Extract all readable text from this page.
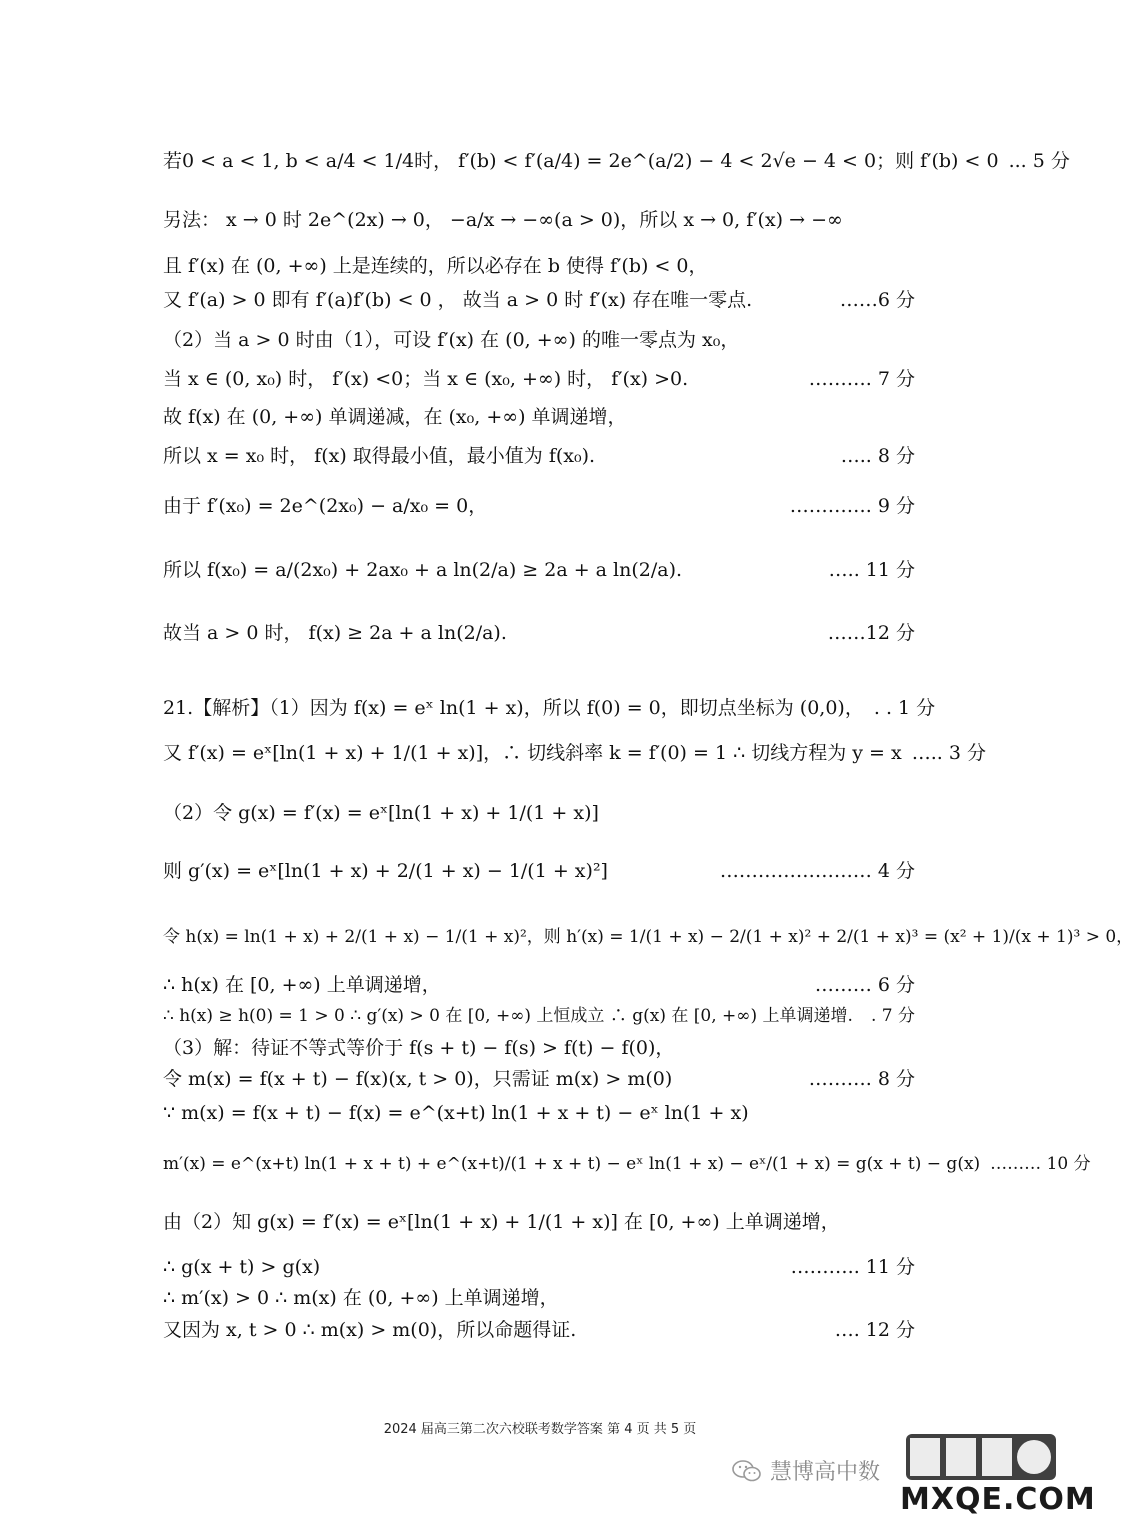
若0 < a < 1, b < a/4 < 1/4时， f′(b) < f′(a/4) = 2e^(a/2) − 4 < 2√e − 4 < 0；则 f′(b) < 0 ... 5 分
另法： x → 0 时 2e^(2x) → 0， −a/x → −∞(a > 0)，所以 x → 0, f′(x) → −∞
且 f′(x) 在 (0, +∞) 上是连续的，所以必存在 b 使得 f′(b) < 0，
又 f′(a) > 0 即有 f′(a)f′(b) < 0 ， 故当 a > 0 时 f′(x) 存在唯一零点.	……6 分
（2）当 a > 0 时由（1），可设 f′(x) 在 (0, +∞) 的唯一零点为 x₀，
当 x ∈ (0, x₀) 时， f′(x) <0；当 x ∈ (x₀, +∞) 时， f′(x) >0.	………. 7 分
故 f(x) 在 (0, +∞) 单调递减，在 (x₀, +∞) 单调递增，
所以 x = x₀ 时， f(x) 取得最小值，最小值为 f(x₀).	….. 8 分
由于 f′(x₀) = 2e^(2x₀) − a/x₀ = 0，	…………. 9 分
所以 f(x₀) = a/(2x₀) + 2ax₀ + a ln(2/a) ≥ 2a + a ln(2/a).	….. 11 分
故当 a > 0 时， f(x) ≥ 2a + a ln(2/a).	……12 分
21.【解析】（1）因为 f(x) = eˣ ln(1 + x)，所以 f(0) = 0，即切点坐标为 (0,0)， . . 1 分
又 f′(x) = eˣ[ln(1 + x) + 1/(1 + x)]，∴ 切线斜率 k = f′(0) = 1 ∴ 切线方程为 y = x ….. 3 分
（2）令 g(x) = f′(x) = eˣ[ln(1 + x) + 1/(1 + x)]
则 g′(x) = eˣ[ln(1 + x) + 2/(1 + x) − 1/(1 + x)²]	…………………… 4 分
令 h(x) = ln(1 + x) + 2/(1 + x) − 1/(1 + x)²，则 h′(x) = 1/(1 + x) − 2/(1 + x)² + 2/(1 + x)³ = (x² + 1)/(x + 1)³ > 0，
∴ h(x) 在 [0, +∞) 上单调递增，	……… 6 分
∴ h(x) ≥ h(0) = 1 > 0 ∴ g′(x) > 0 在 [0, +∞) 上恒成立 ∴ g(x) 在 [0, +∞) 上单调递增. . 7 分
（3）解：待证不等式等价于 f(s + t) − f(s) > f(t) − f(0)，
令 m(x) = f(x + t) − f(x)(x, t > 0)，只需证 m(x) > m(0)	………. 8 分
∵ m(x) = f(x + t) − f(x) = e^(x+t) ln(1 + x + t) − eˣ ln(1 + x)
m′(x) = e^(x+t) ln(1 + x + t) + e^(x+t)/(1 + x + t) − eˣ ln(1 + x) − eˣ/(1 + x) = g(x + t) − g(x) ……… 10 分
由（2）知 g(x) = f′(x) = eˣ[ln(1 + x) + 1/(1 + x)] 在 [0, +∞) 上单调递增，
∴ g(x + t) > g(x)	……….. 11 分
∴ m′(x) > 0 ∴ m(x) 在 (0, +∞) 上单调递增，
又因为 x, t > 0 ∴ m(x) > m(0)，所以命题得证.	…. 12 分
2024 届高三第二次六校联考数学答案 第 4 页 共 5 页
慧博高中数
MXQE.COM
